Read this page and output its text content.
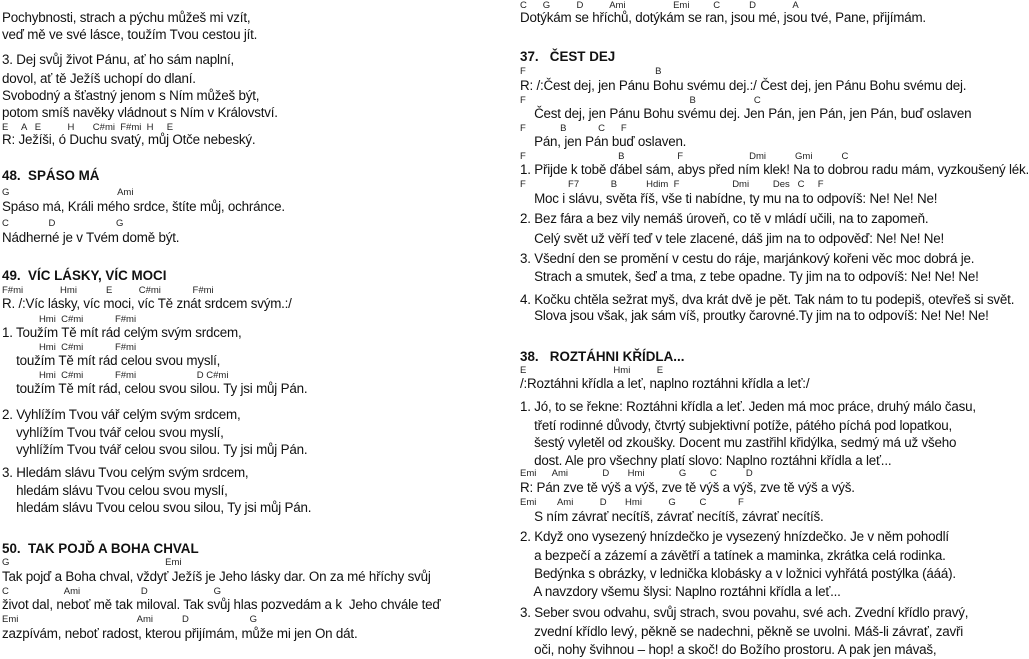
Pochybnosti, strach a pýchu můžeš mi vzít,
veď mě ve své lásce, toužím Tvou cestou jít.
3. Dej svůj život Pánu, ať ho sám naplní,
dovol, ať tě Ježíš uchopí do dlaní.
Svobodný a šťastný jenom s Ním můžeš být,
potom smíš navěky vládnout s Ním v Království.
E     A   E          H       C#mi  F#mi  H     E
R: Ježíši, ó Duchu svatý, můj Otče nebeský.
48.  SPÁSO MÁ
G                                         Ami
Spáso má, Králi mého srdce, štíte můj, ochránce.
C               D                       G
Nádherné je v Tvém domě být.
49.  VÍC LÁSKY, VÍC MOCI
F#mi              Hmi           E          C#mi            F#mi
R. /:Víc lásky, víc moci, víc Tě znát srdcem svým.:/
Hmi  C#mi            F#mi
1. Toužím Tě mít rád celým svým srdcem,
Hmi  C#mi            F#mi
toužím Tě mít rád celou svou myslí,
Hmi  C#mi            F#mi                       D C#mi
toužím Tě mít rád, celou svou silou. Ty jsi můj Pán.
2. Vyhlížím Tvou vář celým svým srdcem,
vyhlížím Tvou tvář celou svou myslí,
vyhlížím Tvou tvář celou svou silou. Ty jsi můj Pán.
3. Hledám slávu Tvou celým svým srdcem,
hledám slávu Tvou celou svou myslí,
hledám slávu Tvou celou svou silou, Ty jsi můj Pán.
50.  TAK POJĎ A BOHA CHVAL
G                                                           Emi
Tak pojď a Boha chval, vždyť Ježíš je Jeho lásky dar. On za mé hříchy svůj
C                     Ami                       D                         G
život dal, neboť mě tak miloval. Tak svůj hlas pozvedám a k  Jeho chvále teď
Emi                                             Ami           D                       G
zazpívám, neboť radost, kterou přijímám, může mi jen On dát.
C      G          D          Ami                  Emi         C           D              A
Dotýkám se hříchů, dotýkám se ran, jsou mé, jsou tvé, Pane, přijímám.
37.   ČEST DEJ
F                                                 B
R: /:Čest dej, jen Pánu Bohu svému dej.:/ Čest dej, jen Pánu Bohu svému dej.
F                                                              B                      C
Čest dej, jen Pánu Bohu svému dej. Jen Pán, jen Pán, jen Pán, buď oslaven
F             B            C      F
Pán, jen Pán buď oslaven.
F                                   B                    F                         Dmi           Gmi           C
1. Přijde k tobě ďábel sám, abys před ním klek! Na to dobrou radu mám, vyzkoušený lék.
F                F7            B           Hdim  F                    Dmi         Des   C     F
Moc i slávu, světa říš, vše ti nabídne, ty mu na to odpovíš: Ne! Ne! Ne!
2. Bez fára a bez vily nemáš úroveň, co tě v mládí učili, na to zapomeň.
Celý svět už věří teď v tele zlacené, dáš jim na to odpověď: Ne! Ne! Ne!
3. Všední den se promění v cestu do ráje, marjánkový kořeni věc moc dobrá je.
Strach a smutek, šeď a tma, z tebe opadne. Ty jim na to odpovíš: Ne! Ne! Ne!
4. Kočku chtěla sežrat myš, dva krát dvě je pět. Tak nám to tu podepiš, otevřeš si svět.
Slova jsou však, jak sám víš, proutky čarovné.Ty jim na to odpovíš: Ne! Ne! Ne!
38.   ROZTÁHNI KŘÍDLA...
E                                 Hmi          E
/:Roztáhni křídla a leť, naplno roztáhni křídla a leť:/
1. Jó, to se řekne: Roztáhni křídla a leť. Jeden má moc práce, druhý málo času,
třetí rodinné důvody, čtvrtý subjektivní potíže, pátého píchá pod lopatkou,
šestý vyletěl od zkoušky. Docent mu zastřihl křidýlka, sedmý má už všeho
dost. Ale pro všechny platí slovo: Naplno roztáhni křídla a leť...
Emi      Ami             D       Hmi             G         C           D
R: Pán zve tě výš a výš, zve tě výš a výš, zve tě výš a výš.
Emi        Ami          D       Hmi          G         C            F
S ním závrať necítíš, závrať necítíš, závrať necítíš.
2. Když ono vysezený hnízdečko je vysezený hnízdečko. Je v něm pohodlí
a bezpečí a zázemí a závětří a tatínek a maminka, zkrátka celá rodinka.
Bedýnka s obrázky, v lednička klobásky a v ložnici vyhřátá postýlka (ááá).
A navzdory všemu šlysi: Naplno roztáhni křídla a leť...
3. Seber svou odvahu, svůj strach, svou povahu, své ach. Zvední křídlo pravý,
zvední křídlo levý, pěkně se nadechni, pěkně se uvolni. Máš-li závrať, zavři
oči, nohy švihnou – hop! a skoč! do Božího prostoru. A pak jen mávaš,
